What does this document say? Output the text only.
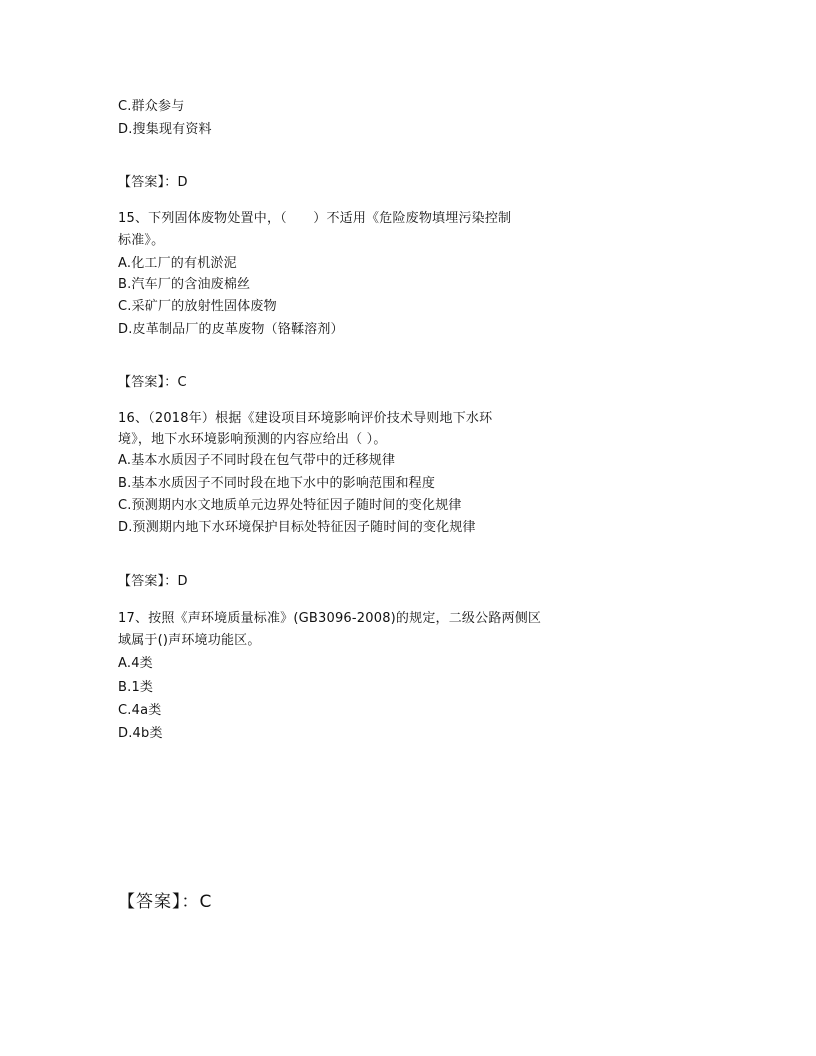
C.群众参与
D.搜集现有资料
【答案】：D
15、下列固体废物处置中，（　　）不适用《危险废物填埋污染控制
标准》。
A.化工厂的有机淤泥
B.汽车厂的含油废棉丝
C.采矿厂的放射性固体废物
D.皮革制品厂的皮革废物（铬鞣溶剂）
【答案】：C
16、（2018年）根据《建设项目环境影响评价技术导则地下水环
境》，地下水环境影响预测的内容应给出（ ）。
A.基本水质因子不同时段在包气带中的迁移规律
B.基本水质因子不同时段在地下水中的影响范围和程度
C.预测期内水文地质单元边界处特征因子随时间的变化规律
D.预测期内地下水环境保护目标处特征因子随时间的变化规律
【答案】：D
17、按照《声环境质量标准》(GB3096-2008)的规定，二级公路两侧区
域属于()声环境功能区。
A.4类
B.1类
C.4a类
D.4b类
【答案】：C
